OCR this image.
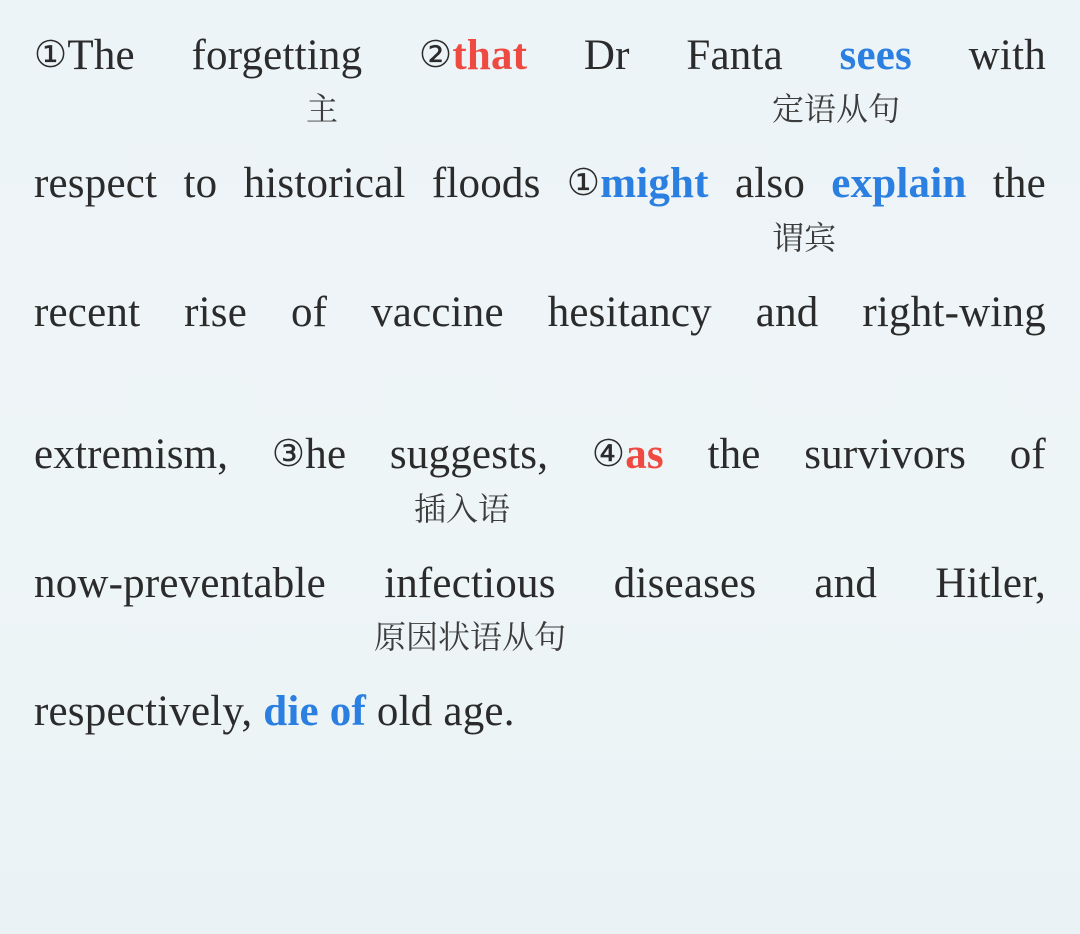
①The forgetting ②that Dr Fanta sees with
主	定语从句
respect to historical floods ①might also explain the
谓宾
recent rise of vaccine hesitancy and right-wing
extremism, ③he suggests, ④as the survivors of
插入语
now-preventable infectious diseases and Hitler,
原因状语从句
respectively,
die of
old age.
